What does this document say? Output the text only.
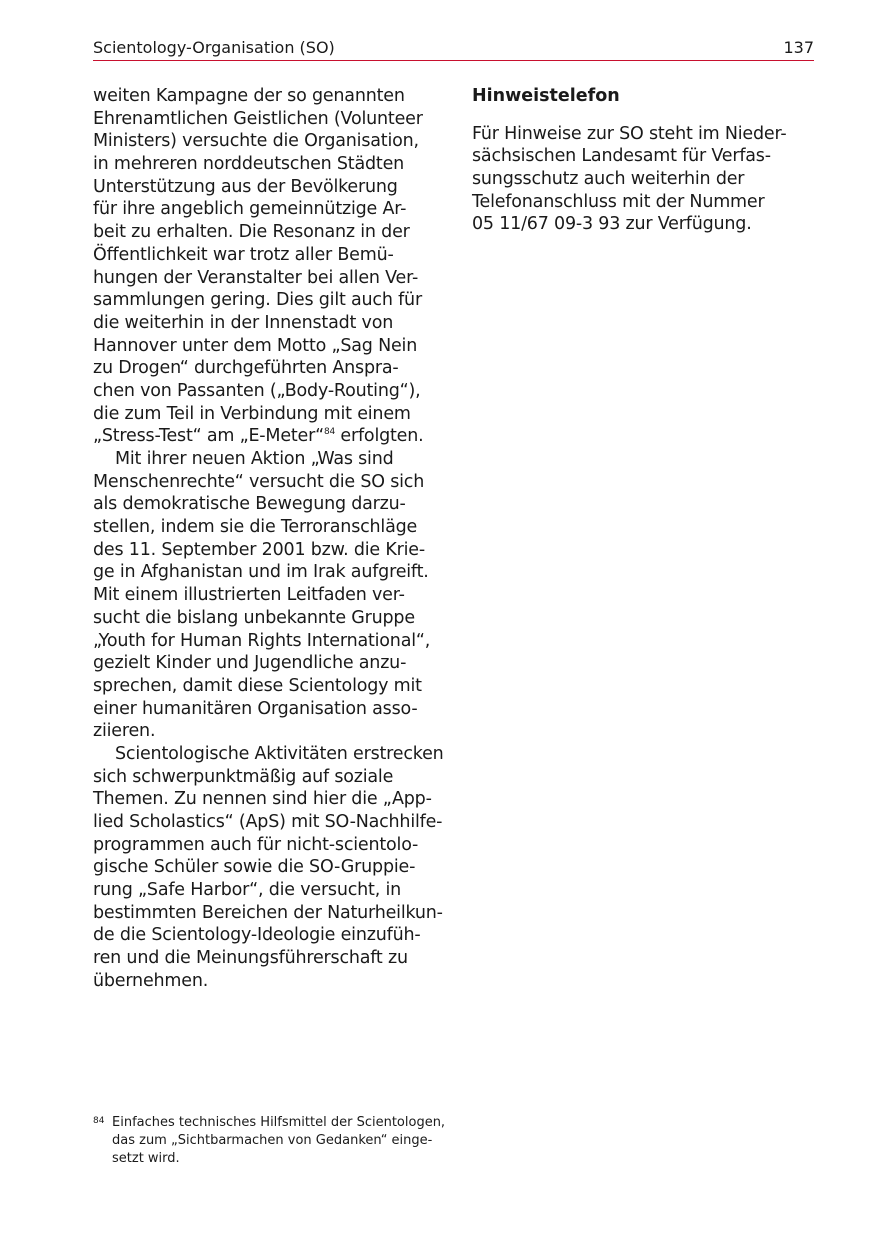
Scientology-Organisation (SO)	137
weiten Kampagne der so genannten
Ehrenamtlichen Geistlichen (Volunteer
Ministers) versuchte die Organisation,
in mehreren norddeutschen Städten
Unterstützung aus der Bevölkerung
für ihre angeblich gemeinnützige Ar-
beit zu erhalten. Die Resonanz in der
Öffentlichkeit war trotz aller Bemü-
hungen der Veranstalter bei allen Ver-
sammlungen gering. Dies gilt auch für
die weiterhin in der Innenstadt von
Hannover unter dem Motto „Sag Nein
zu Drogen“ durchgeführten Anspra-
chen von Passanten („Body-Routing“),
die zum Teil in Verbindung mit einem
„Stress-Test“ am „E-Meter“$^{84}$ erfolgten.
Mit ihrer neuen Aktion „Was sind
Menschenrechte“ versucht die SO sich
als demokratische Bewegung darzu-
stellen, indem sie die Terroranschläge
des 11. September 2001 bzw. die Krie-
ge in Afghanistan und im Irak aufgreift.
Mit einem illustrierten Leitfaden ver-
sucht die bislang unbekannte Gruppe
„Youth for Human Rights International“,
gezielt Kinder und Jugendliche anzu-
sprechen, damit diese Scientology mit
einer humanitären Organisation asso-
ziieren.
Scientologische Aktivitäten erstrecken
sich schwerpunktmäßig auf soziale
Themen. Zu nennen sind hier die „App-
lied Scholastics“ (ApS) mit SO-Nachhilfe-
programmen auch für nicht-scientolo-
gische Schüler sowie die SO-Gruppie-
rung „Safe Harbor“, die versucht, in
bestimmten Bereichen der Naturheilkun-
de die Scientology-Ideologie einzufüh-
ren und die Meinungsführerschaft zu
übernehmen.
Hinweistelefon
Für Hinweise zur SO steht im Nieder-
sächsischen Landesamt für Verfas-
sungsschutz auch weiterhin der
Telefonanschluss mit der Nummer
05 11/67 09-3 93 zur Verfügung.
84 Einfaches technisches Hilfsmittel der Scientologen,
das zum „Sichtbarmachen von Gedanken“ einge-
setzt wird.
